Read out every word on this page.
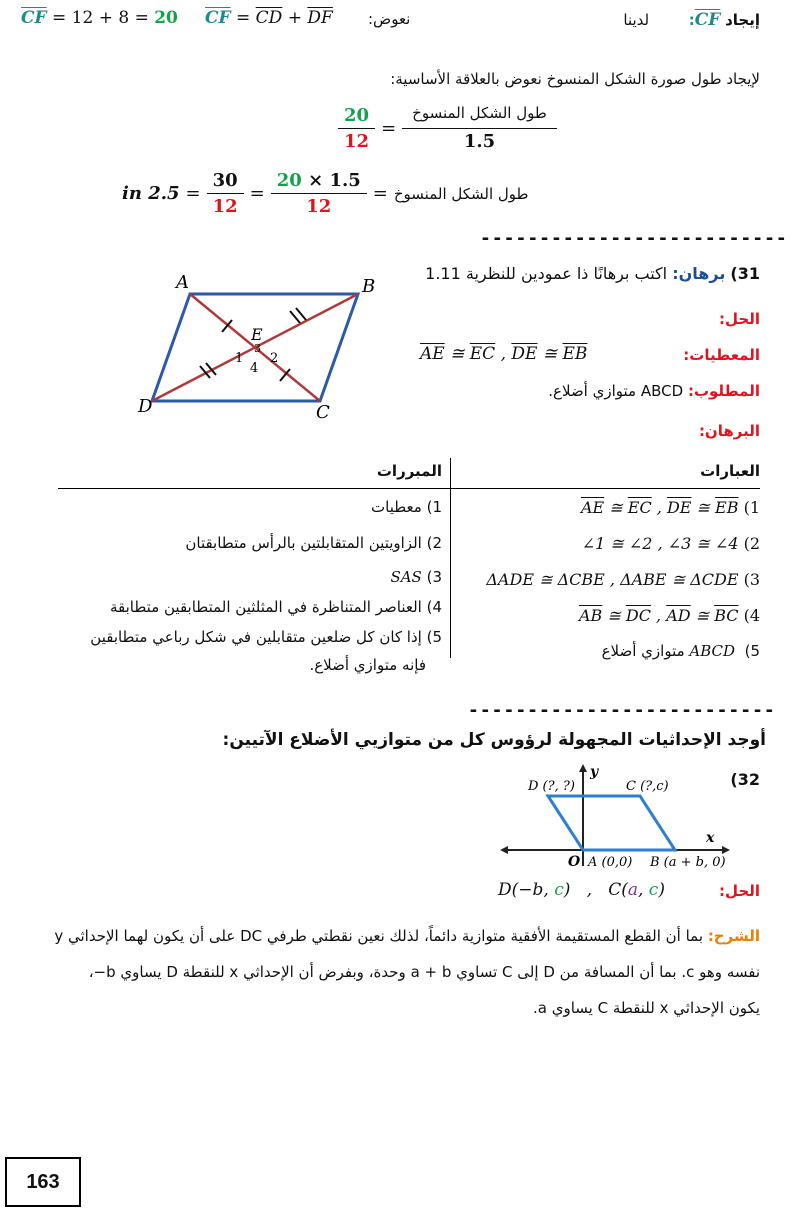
إيجاد CF:  لدينا
$\overline{CF} = \overline{CD} + \overline{DF}$ نعوض:
$\overline{CF} = 12 + 8 = 20$
لإيجاد طول صورة الشكل المنسوخ نعوض بالعلاقة الأساسية:
$\frac{20}{12} = \frac{\text{طول الشكل المنسوخ}}{1.5}$
in $2.5 = \frac{30}{12} = \frac{20 \times 1.5}{12}$ = طول الشكل المنسوخ
--------------------------
31) برهان: اكتب برهانًا ذا عمودين للنظرية 1.11
الحل:
المعطيات:
$\overline{AE}$ ≅ $\overline{EC}$ , $\overline{DE}$ ≅ $\overline{EB}$
المطلوب: ABCD متوازي أضلاع.
البرهان:
A	B
C
D
E
1 2
3
4
العبارات
المبررات
$\overline{AE}$ ≅ $\overline{EC}$ , $\overline{DE}$ ≅ $\overline{EB}$ (1
∠1 ≅ ∠2 , ∠3 ≅ ∠4 (2
ΔADE ≅ ΔCBE , ΔABE ≅ ΔCDE (3
$\overline{AB}$ ≅ $\overline{DC}$ , $\overline{AD}$ ≅ $\overline{BC}$ (4
5)  ABCD متوازي أضلاع
1) معطيات
2) الزاويتين المتقابلتين بالرأس متطابقتان
3) SAS
4) العناصر المتناظرة في المثلثين المتطابقين متطابقة
5) إذا كان كل ضلعين متقابلين في شكل رباعي متطابقين
فإنه متوازي أضلاع.
--------------------------
أوجد الإحداثيات المجهولة لرؤوس كل من متوازيي الأضلاع الآتيين:
(32
D (?, ?)	C (?,c)
y
x
O A (0,0) B (a + b, 0)
الحل:
D(−b, c)   ,   C(a, c)
الشرح: بما أن القطع المستقيمة الأفقية متوازية دائماً، لذلك نعين نقطتي طرفي DC على أن يكون لهما الإحداثي y
نفسه وهو c. بما أن المسافة من D إلى C تساوي a + b وحدة، وبفرض أن الإحداثي x للنقطة D يساوي b−،
يكون الإحداثي x للنقطة C يساوي a.
163
